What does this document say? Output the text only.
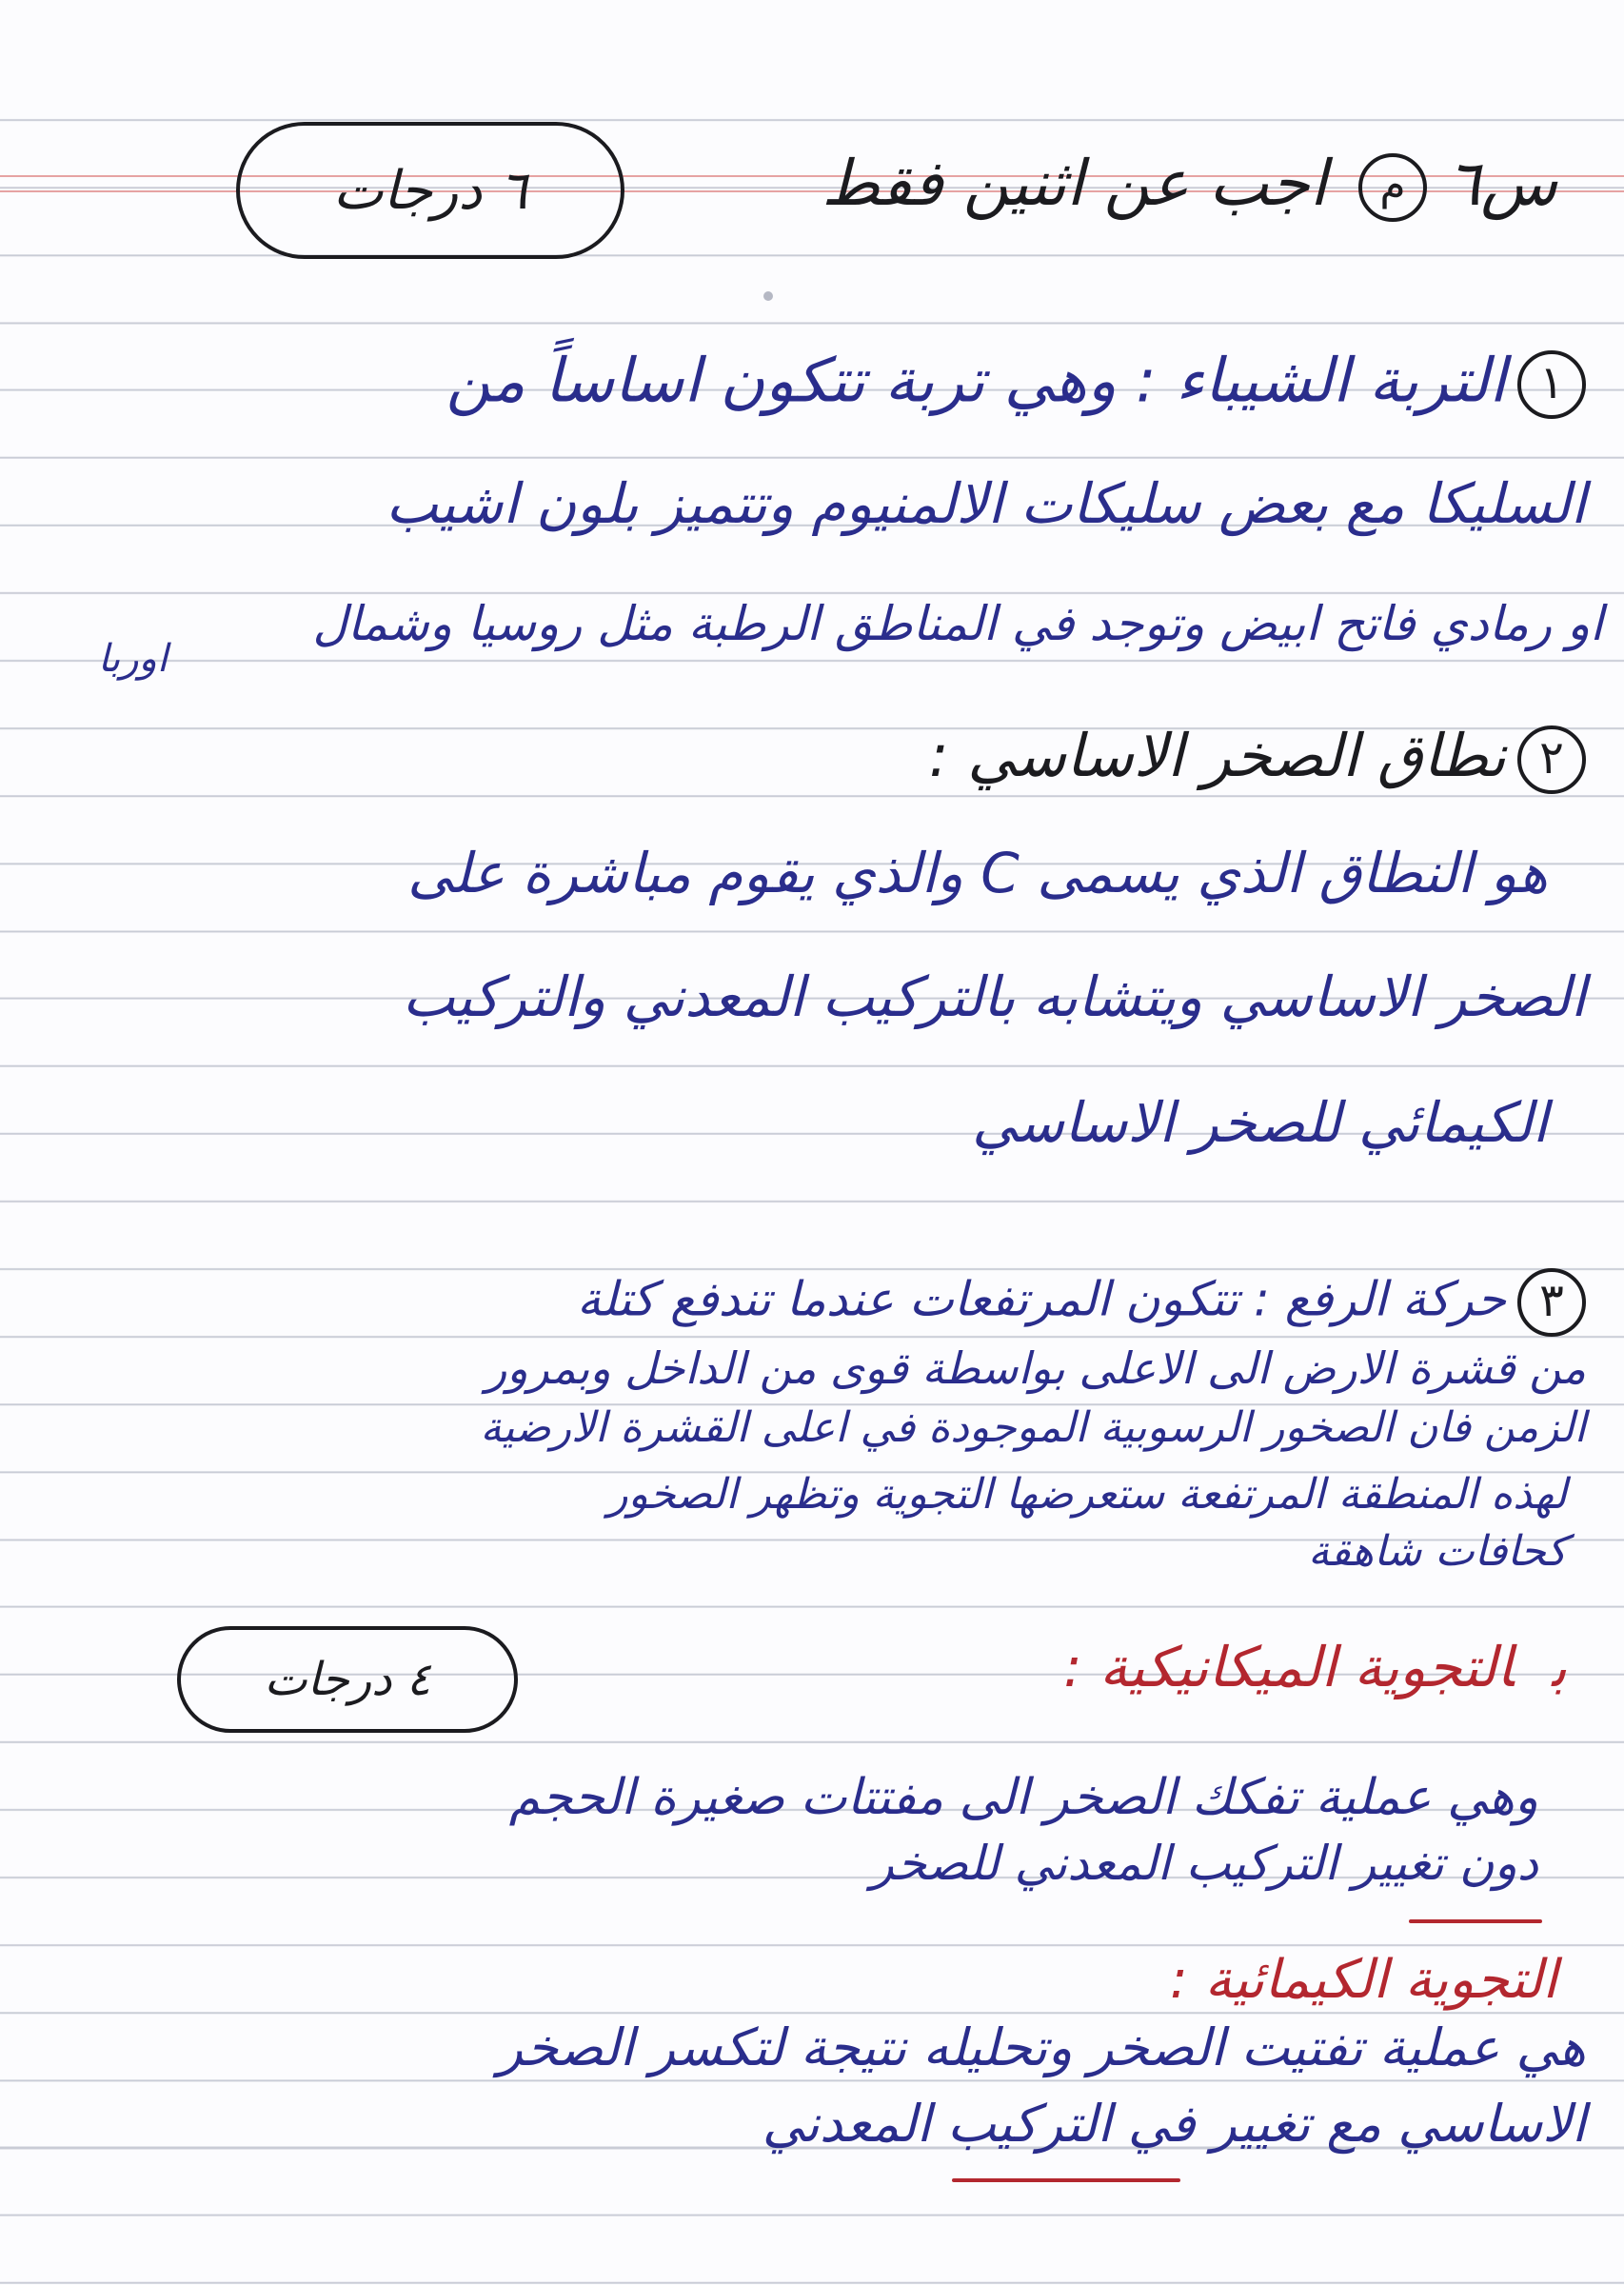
س٦ م اجب عن اثنين فقط
٦ درجات
١التربة الشيباء : وهي تربة تتكون اساساً من
السليكا مع بعض سليكات الالمنيوم وتتميز بلون اشيب
او رمادي فاتح ابيض وتوجد في المناطق الرطبة مثل روسيا وشمال
اوربا
٢نطاق الصخر الاساسي :
هو النطاق الذي يسمى C والذي يقوم مباشرة على
الصخر الاساسي ويتشابه بالتركيب المعدني والتركيب
الكيمائي للصخر الاساسي
٣حركة الرفع : تتكون المرتفعات عندما تندفع كتلة
من قشرة الارض الى الاعلى بواسطة قوى من الداخل وبمرور
الزمن فان الصخور الرسوبية الموجودة في اعلى القشرة الارضية
لهذه المنطقة المرتفعة ستعرضها التجوية وتظهر الصخور
كحافات شاهقة
بالتجوية الميكانيكية :
٤ درجات
وهي عملية تفكك الصخر الى مفتتات صغيرة الحجم
دون تغيير التركيب المعدني للصخر
التجوية الكيمائية :
هي عملية تفتيت الصخر وتحليله نتيجة لتكسر الصخر
الاساسي مع تغيير في التركيب المعدني
